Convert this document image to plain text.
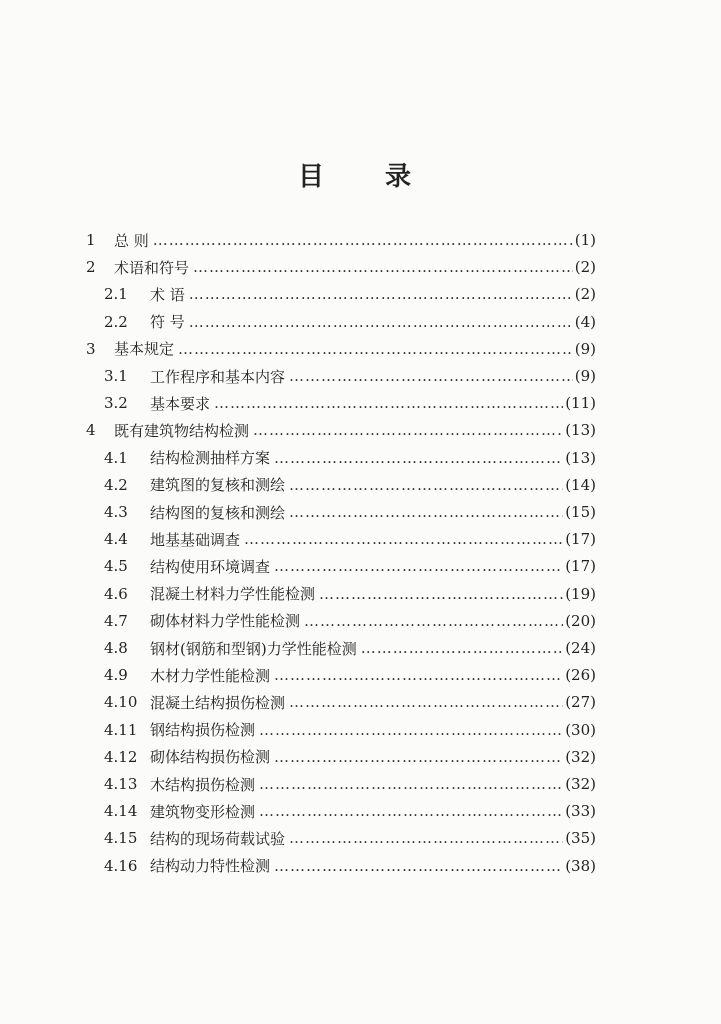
目 录
1	总 则 …………………………………………………………………………………………………………………………………………………………	(1)
2	术语和符号 …………………………………………………………………………………………………………………………………………………………	(2)
2.1	术 语 …………………………………………………………………………………………………………………………………………………………	(2)
2.2	符 号 …………………………………………………………………………………………………………………………………………………………	(4)
3	基本规定 …………………………………………………………………………………………………………………………………………………………	(9)
3.1	工作程序和基本内容 …………………………………………………………………………………………………………………………………………………………	(9)
3.2	基本要求 …………………………………………………………………………………………………………………………………………………………	(11)
4	既有建筑物结构检测 …………………………………………………………………………………………………………………………………………………………	(13)
4.1	结构检测抽样方案 …………………………………………………………………………………………………………………………………………………………	(13)
4.2	建筑图的复核和测绘 …………………………………………………………………………………………………………………………………………………………	(14)
4.3	结构图的复核和测绘 …………………………………………………………………………………………………………………………………………………………	(15)
4.4	地基基础调查 …………………………………………………………………………………………………………………………………………………………	(17)
4.5	结构使用环境调查 …………………………………………………………………………………………………………………………………………………………	(17)
4.6	混凝土材料力学性能检测 …………………………………………………………………………………………………………………………………………………………	(19)
4.7	砌体材料力学性能检测 …………………………………………………………………………………………………………………………………………………………	(20)
4.8	钢材(钢筋和型钢)力学性能检测 …………………………………………………………………………………………………………………………………………………………	(24)
4.9	木材力学性能检测 …………………………………………………………………………………………………………………………………………………………	(26)
4.10 混凝土结构损伤检测 …………………………………………………………………………………………………………………………………………………………	(27)
4.11 钢结构损伤检测 …………………………………………………………………………………………………………………………………………………………	(30)
4.12 砌体结构损伤检测 …………………………………………………………………………………………………………………………………………………………	(32)
4.13 木结构损伤检测 …………………………………………………………………………………………………………………………………………………………	(32)
4.14 建筑物变形检测 …………………………………………………………………………………………………………………………………………………………	(33)
4.15 结构的现场荷载试验 …………………………………………………………………………………………………………………………………………………………	(35)
4.16 结构动力特性检测 …………………………………………………………………………………………………………………………………………………………	(38)
